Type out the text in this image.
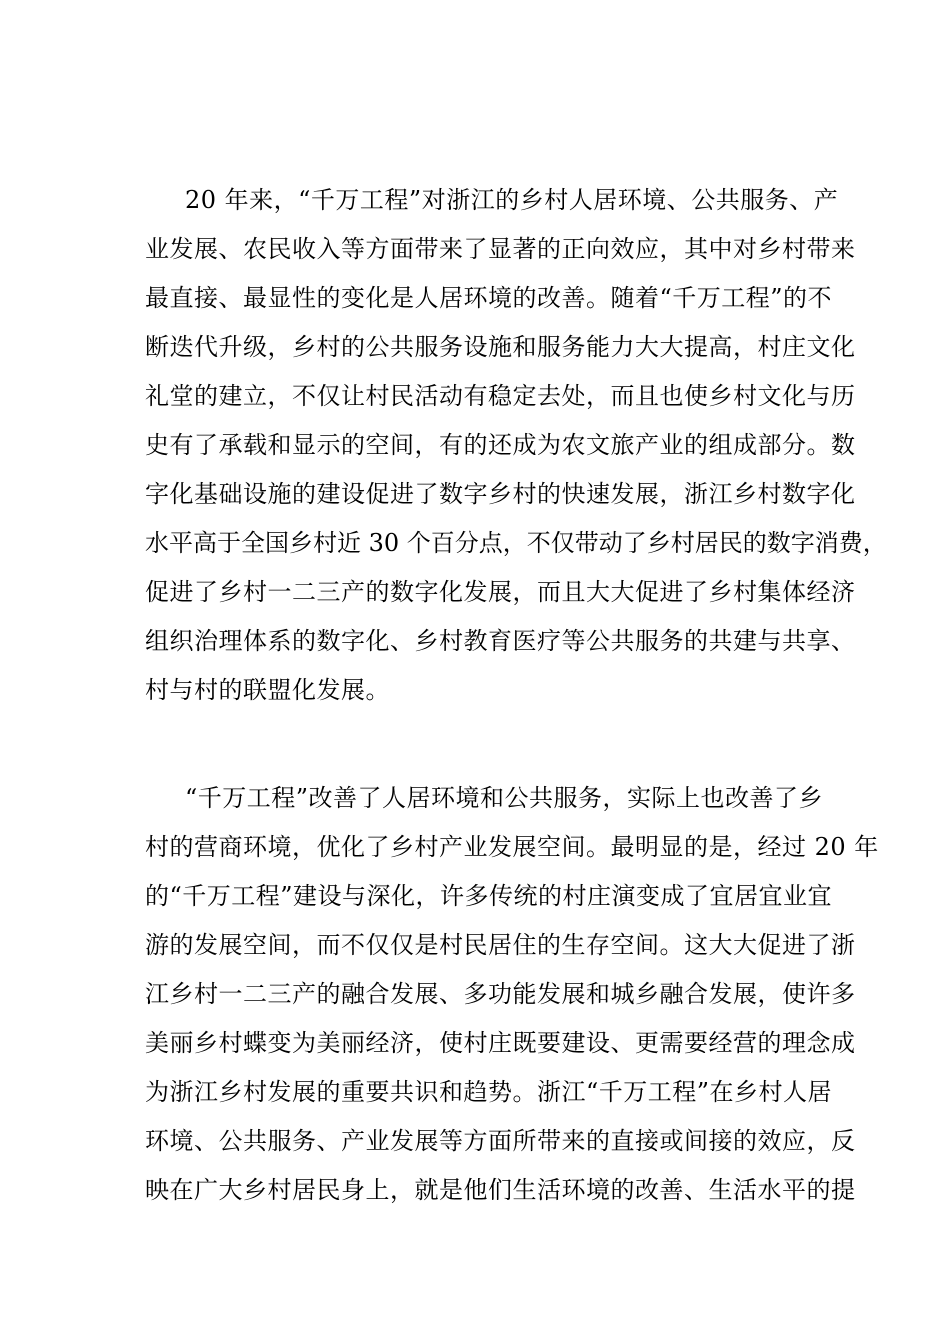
20 年来，“千万工程”对浙江的乡村人居环境、公共服务、产
业发展、农民收入等方面带来了显著的正向效应，其中对乡村带来
最直接、最显性的变化是人居环境的改善。随着“千万工程”的不
断迭代升级，乡村的公共服务设施和服务能力大大提高，村庄文化
礼堂的建立，不仅让村民活动有稳定去处，而且也使乡村文化与历
史有了承载和显示的空间，有的还成为农文旅产业的组成部分。数
字化基础设施的建设促进了数字乡村的快速发展，浙江乡村数字化
水平高于全国乡村近 30 个百分点，不仅带动了乡村居民的数字消费，
促进了乡村一二三产的数字化发展，而且大大促进了乡村集体经济
组织治理体系的数字化、乡村教育医疗等公共服务的共建与共享、
村与村的联盟化发展。
“千万工程”改善了人居环境和公共服务，实际上也改善了乡
村的营商环境，优化了乡村产业发展空间。最明显的是，经过 20 年
的“千万工程”建设与深化，许多传统的村庄演变成了宜居宜业宜
游的发展空间，而不仅仅是村民居住的生存空间。这大大促进了浙
江乡村一二三产的融合发展、多功能发展和城乡融合发展，使许多
美丽乡村蝶变为美丽经济，使村庄既要建设、更需要经营的理念成
为浙江乡村发展的重要共识和趋势。浙江“千万工程”在乡村人居
环境、公共服务、产业发展等方面所带来的直接或间接的效应，反
映在广大乡村居民身上，就是他们生活环境的改善、生活水平的提
